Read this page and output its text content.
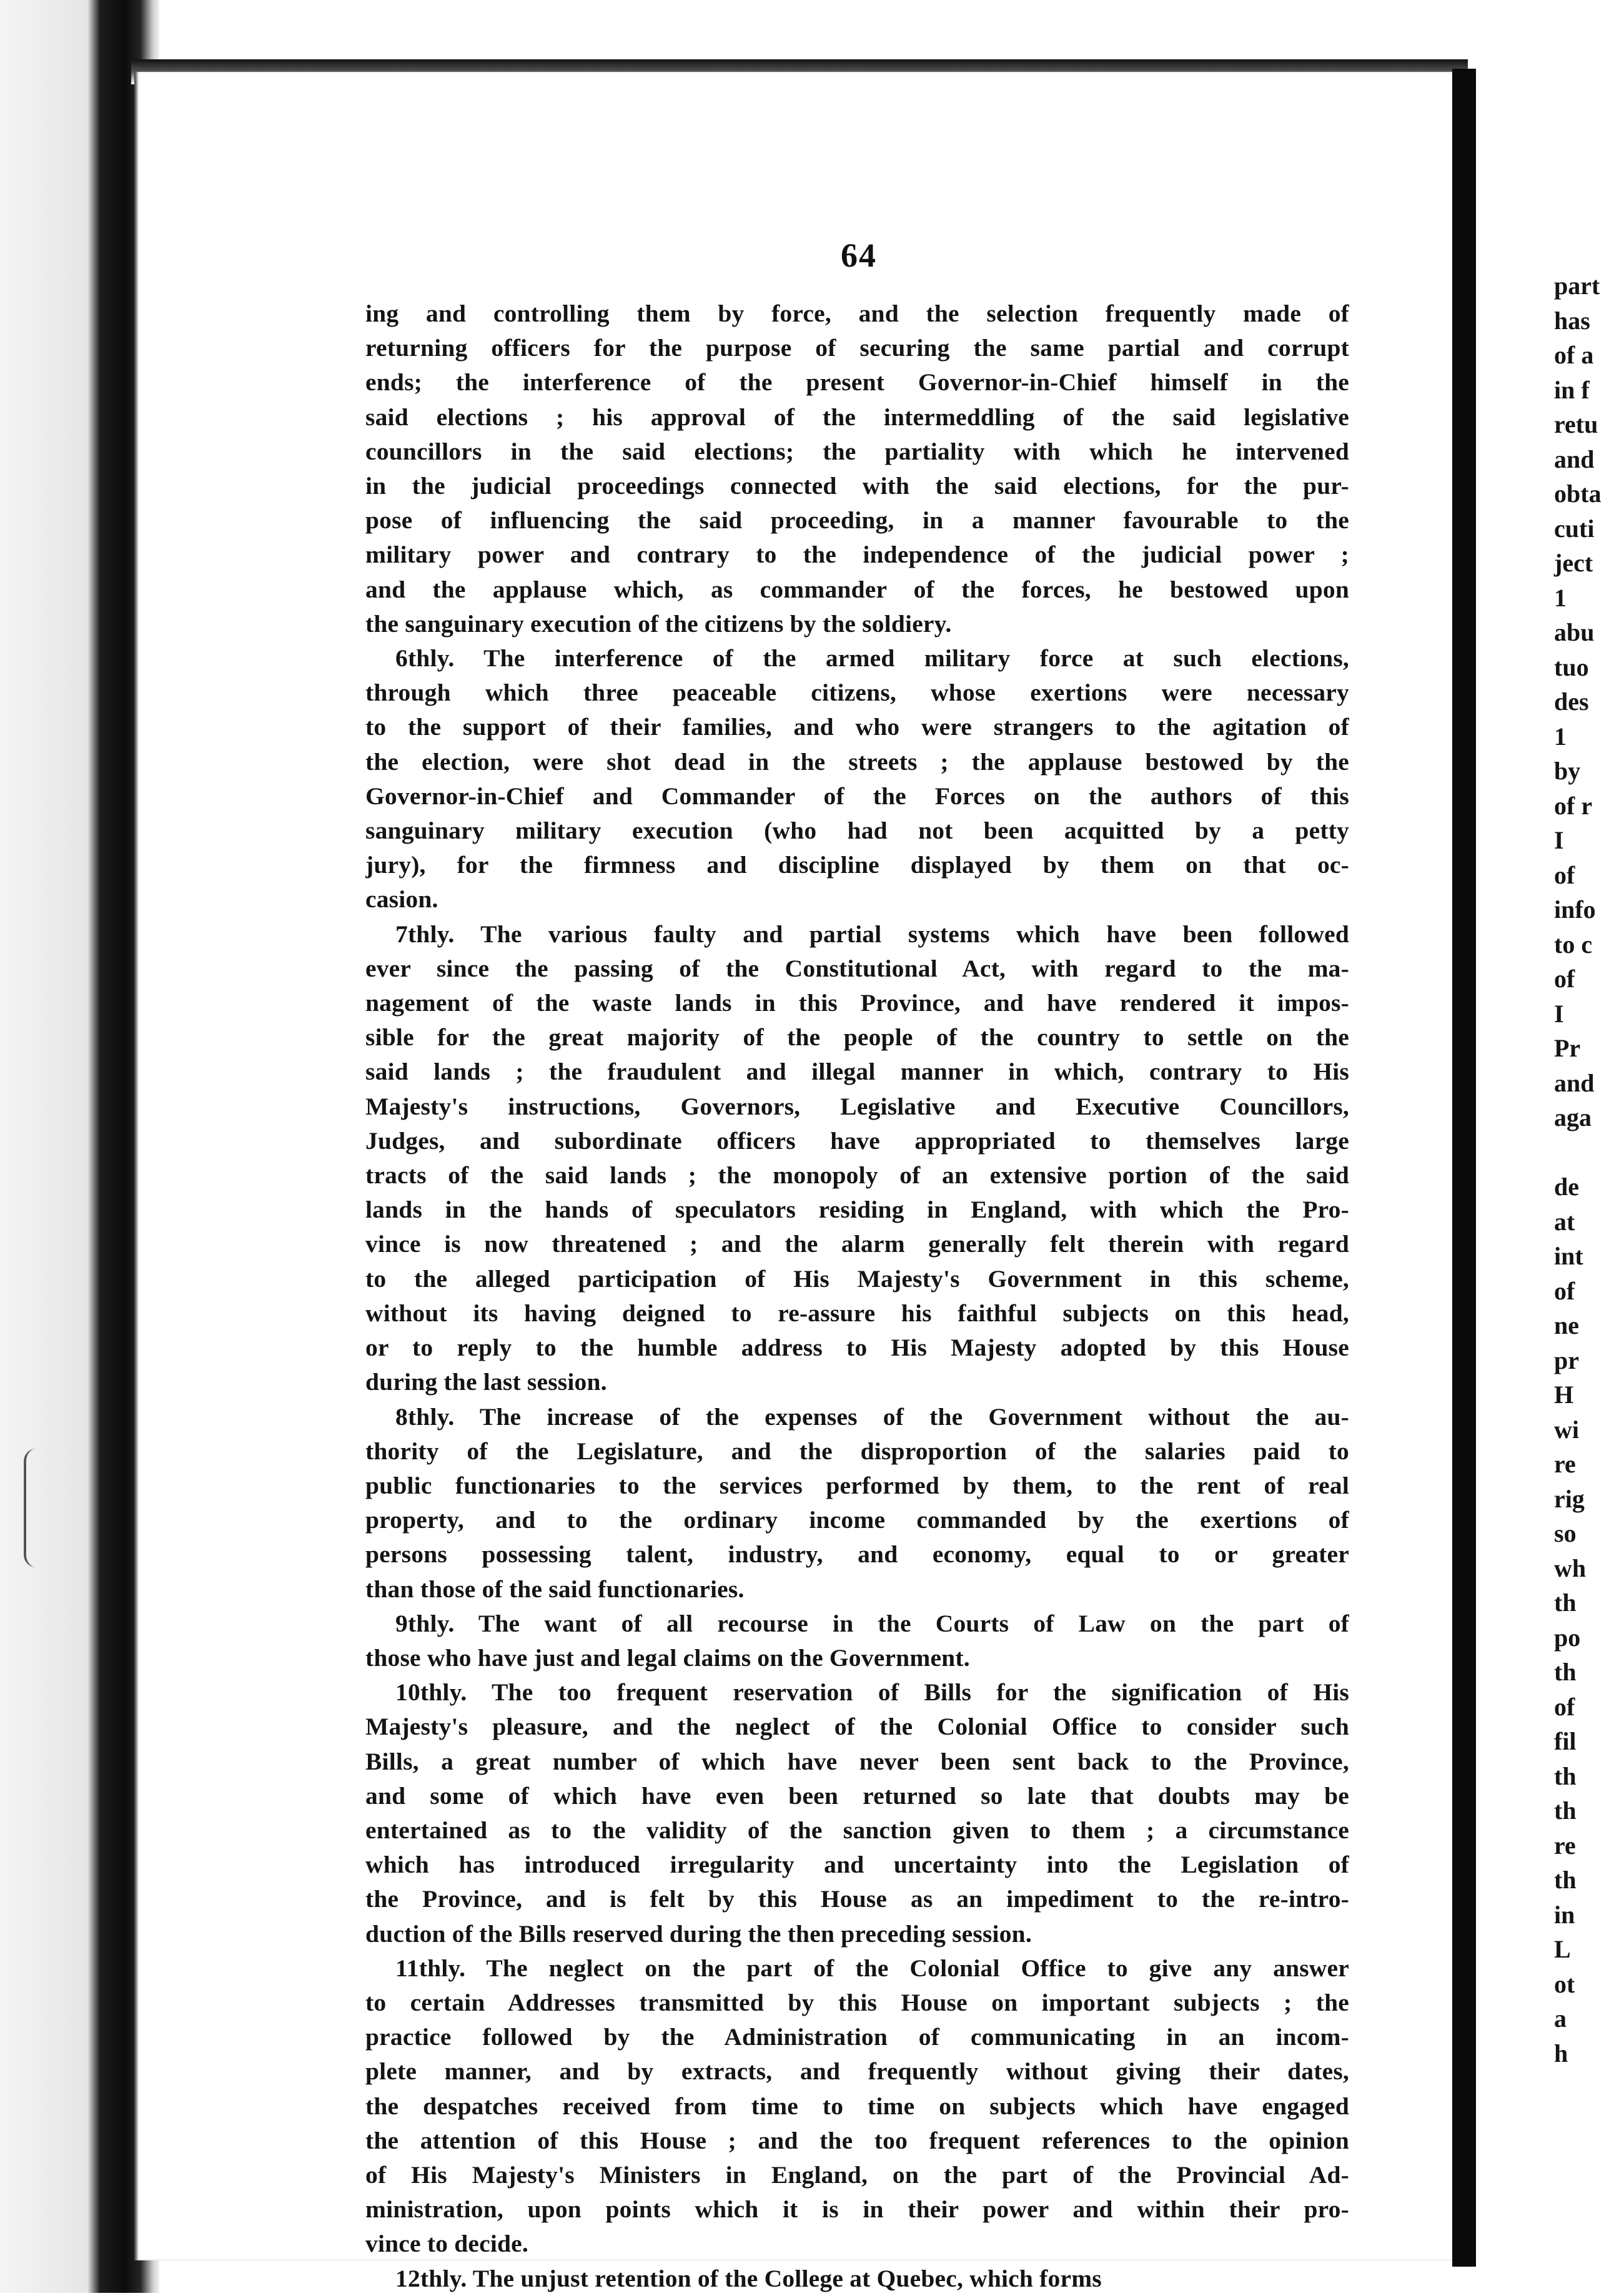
64
ing and controlling them by force, and the selection frequently made of
returning officers for the purpose of securing the same partial and corrupt
ends; the interference of the present Governor-in-Chief himself in the
said elections ; his approval of the intermeddling of the said legislative
councillors in the said elections; the partiality with which he intervened
in the judicial proceedings connected with the said elections, for the pur-
pose of influencing the said proceeding, in a manner favourable to the
military power and contrary to the independence of the judicial power ;
and the applause which, as commander of the forces, he bestowed upon
the sanguinary execution of the citizens by the soldiery.
6thly. The interference of the armed military force at such elections,
through which three peaceable citizens, whose exertions were necessary
to the support of their families, and who were strangers to the agitation of
the election, were shot dead in the streets ; the applause bestowed by the
Governor-in-Chief and Commander of the Forces on the authors of this
sanguinary military execution (who had not been acquitted by a petty
jury), for the firmness and discipline displayed by them on that oc-
casion.
7thly. The various faulty and partial systems which have been followed
ever since the passing of the Constitutional Act, with regard to the ma-
nagement of the waste lands in this Province, and have rendered it impos-
sible for the great majority of the people of the country to settle on the
said lands ; the fraudulent and illegal manner in which, contrary to His
Majesty's instructions, Governors, Legislative and Executive Councillors,
Judges, and subordinate officers have appropriated to themselves large
tracts of the said lands ; the monopoly of an extensive portion of the said
lands in the hands of speculators residing in England, with which the Pro-
vince is now threatened ; and the alarm generally felt therein with regard
to the alleged participation of His Majesty's Government in this scheme,
without its having deigned to re-assure his faithful subjects on this head,
or to reply to the humble address to His Majesty adopted by this House
during the last session.
8thly. The increase of the expenses of the Government without the au-
thority of the Legislature, and the disproportion of the salaries paid to
public functionaries to the services performed by them, to the rent of real
property, and to the ordinary income commanded by the exertions of
persons possessing talent, industry, and economy, equal to or greater
than those of the said functionaries.
9thly. The want of all recourse in the Courts of Law on the part of
those who have just and legal claims on the Government.
10thly. The too frequent reservation of Bills for the signification of His
Majesty's pleasure, and the neglect of the Colonial Office to consider such
Bills, a great number of which have never been sent back to the Province,
and some of which have even been returned so late that doubts may be
entertained as to the validity of the sanction given to them ; a circumstance
which has introduced irregularity and uncertainty into the Legislation of
the Province, and is felt by this House as an impediment to the re-intro-
duction of the Bills reserved during the then preceding session.
11thly. The neglect on the part of the Colonial Office to give any answer
to certain Addresses transmitted by this House on important subjects ; the
practice followed by the Administration of communicating in an incom-
plete manner, and by extracts, and frequently without giving their dates,
the despatches received from time to time on subjects which have engaged
the attention of this House ; and the too frequent references to the opinion
of His Majesty's Ministers in England, on the part of the Provincial Ad-
ministration, upon points which it is in their power and within their pro-
vince to decide.
12thly. The unjust retention of the College at Quebec, which forms
part
has
of a
in f
retu
and
obta
cuti
ject
1
abu
tuo
des
1
by
of r
I
of
info
to c
of
I
Pr
and
aga
de
at
int
of
ne
pr
H
wi
re
rig
so
wh
th
po
th
of
fil
th
th
re
th
in
L
ot
a
h
